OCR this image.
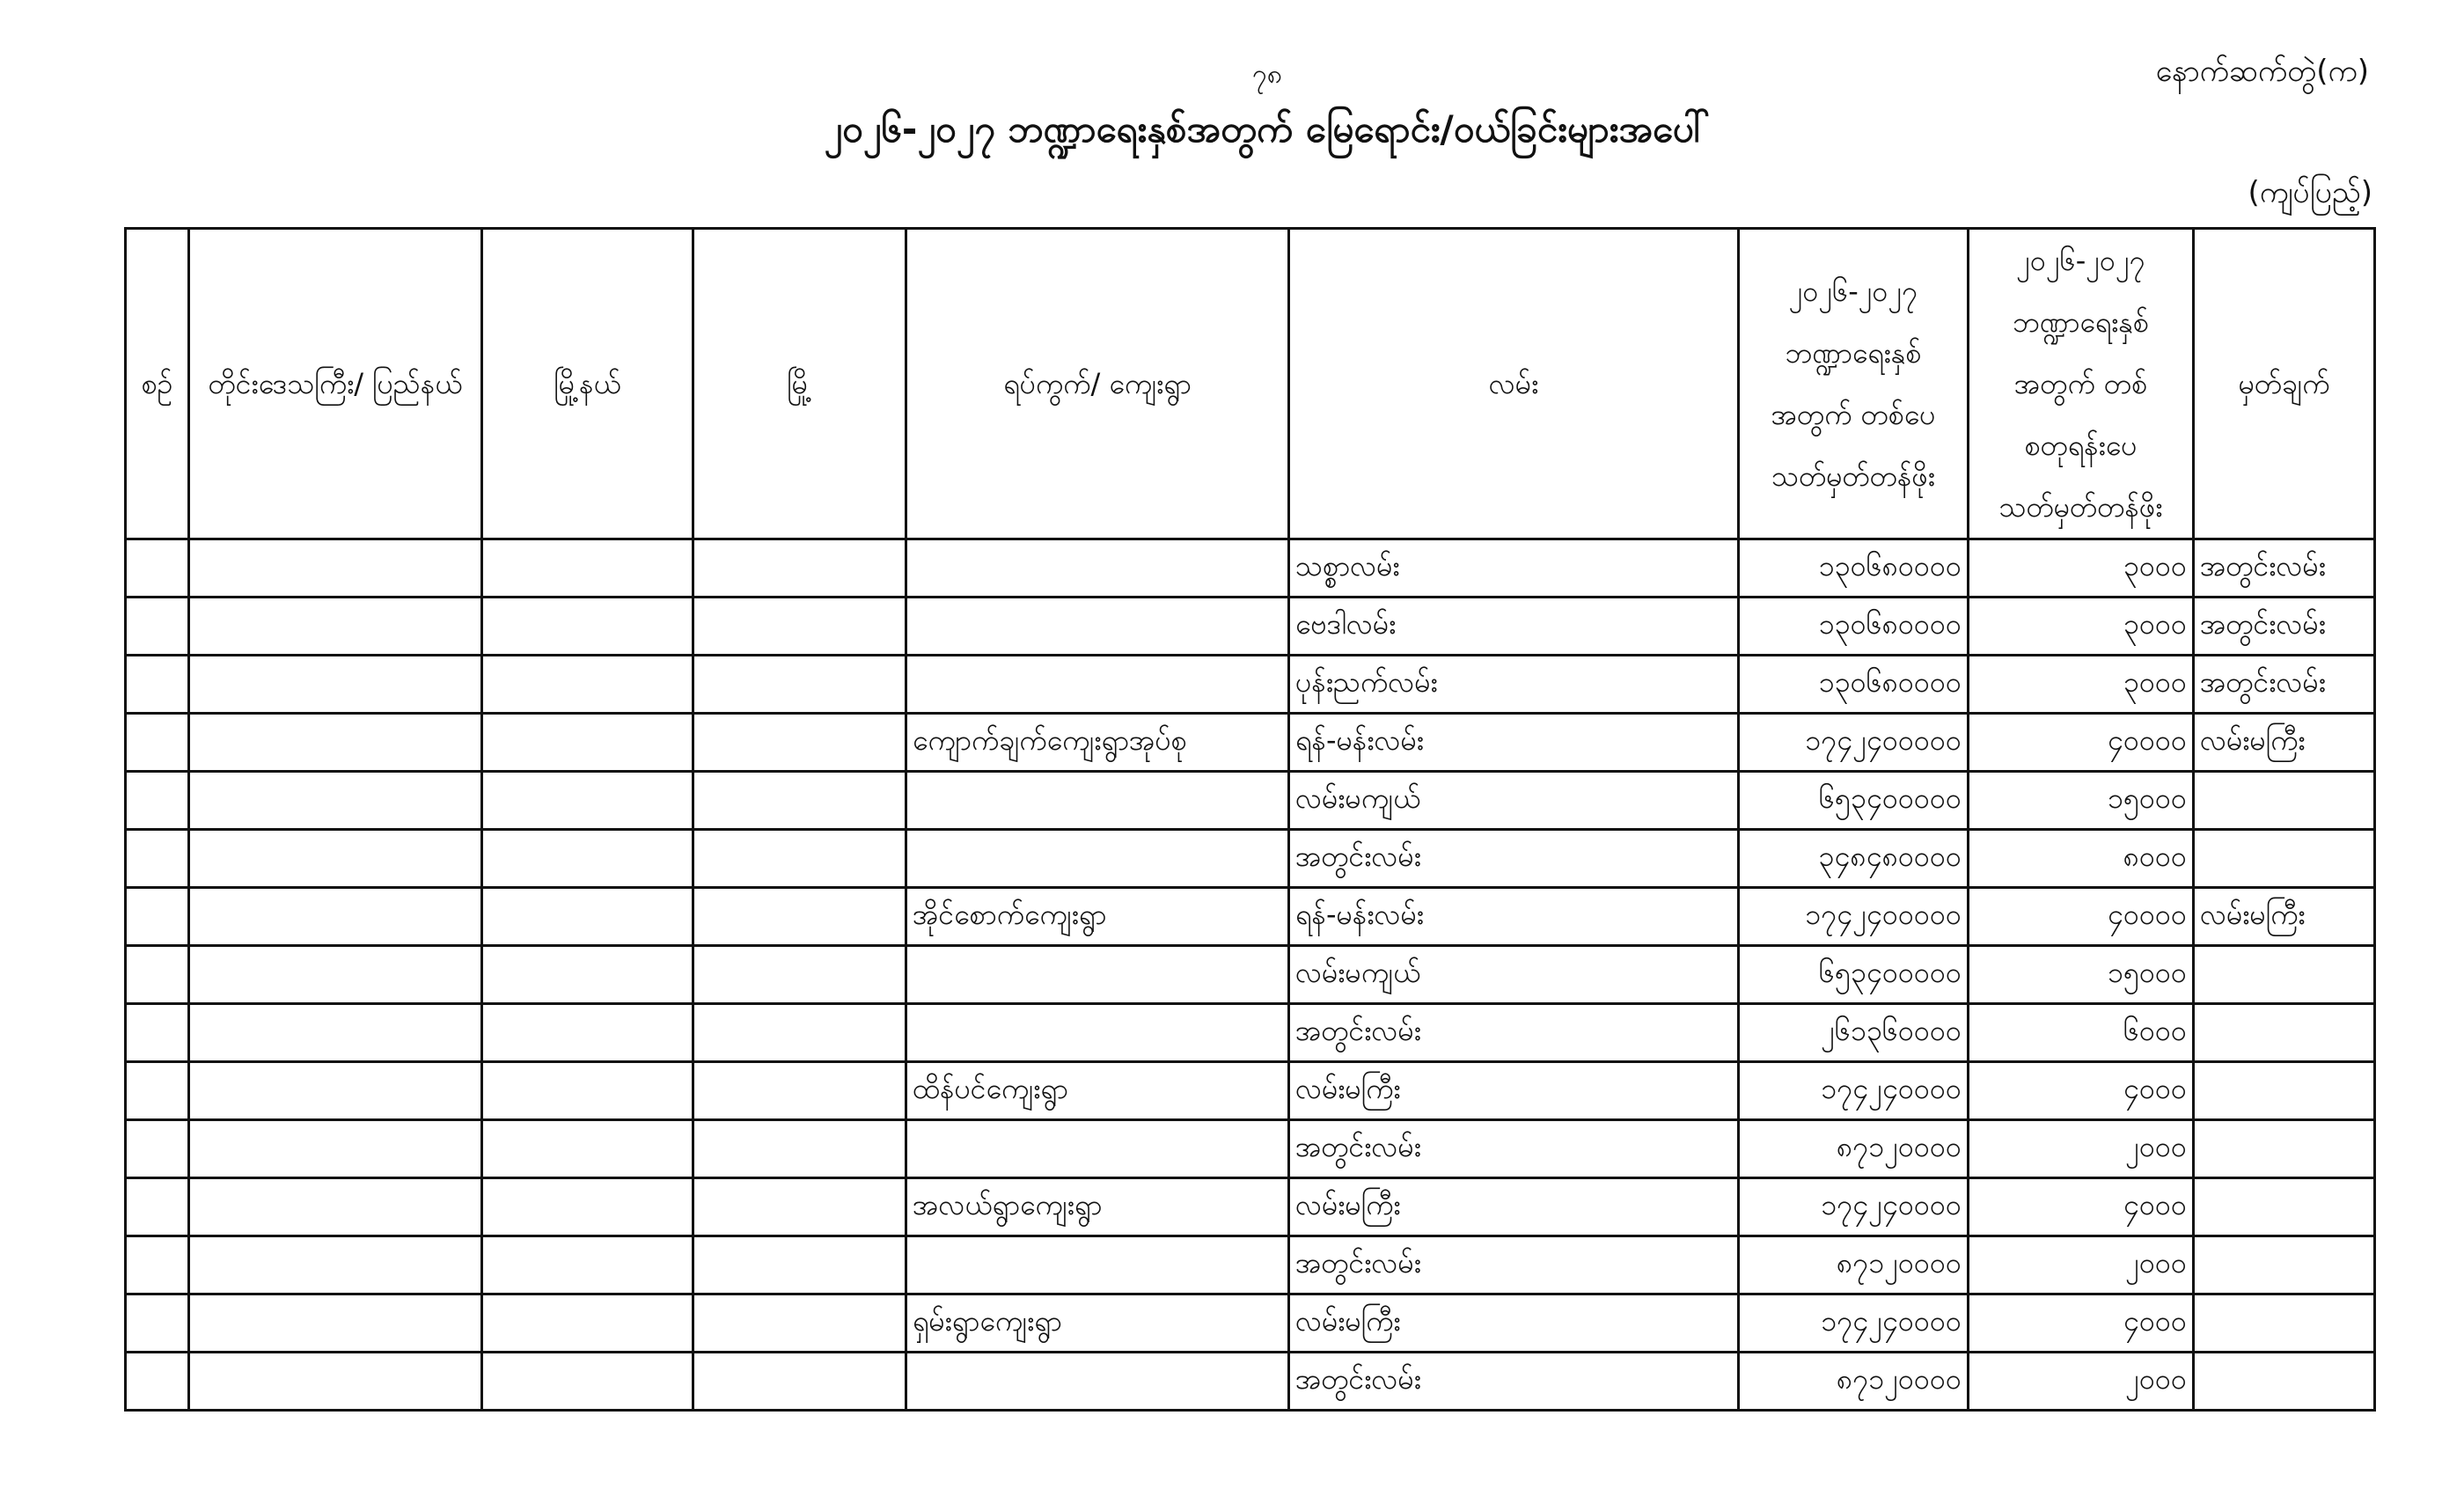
၇၈	နောက်ဆက်တွဲ(က)
၂၀၂၆-၂၀၂၇ ဘဏ္ဍာရေးနှစ်အတွက် မြေရောင်း/ဝယ်ခြင်းများအပေါ်
(ကျပ်ပြည့်)
စဉ်	တိုင်းဒေသကြီး/ ပြည်နယ်	မြို့နယ်	မြို့	ရပ်ကွက်/ ကျေးရွာ	လမ်း	၂၀၂၆-၂၀၂၇ ဘဏ္ဍာရေးနှစ် အတွက် တစ်ပေ သတ်မှတ်တန်ဖိုး	၂၀၂၆-၂၀၂၇ ဘဏ္ဍာရေးနှစ် အတွက် တစ်စတုရန်းပေ သတ်မှတ်တန်ဖိုး	မှတ်ချက်
					သစ္စာလမ်း	၁၃၀၆၈၀၀၀၀	၃၀၀၀	အတွင်းလမ်း
					ဗေဒါလမ်း	၁၃၀၆၈၀၀၀၀	၃၀၀၀	အတွင်းလမ်း
					ပုန်းညက်လမ်း	၁၃၀၆၈၀၀၀၀	၃၀၀၀	အတွင်းလမ်း
				ကျောက်ချက်ကျေးရွာအုပ်စု	ရန်-မန်းလမ်း	၁၇၄၂၄၀၀၀၀၀	၄၀၀၀၀	လမ်းမကြီး
					လမ်းမကျယ်	၆၅၃၄၀၀၀၀၀	၁၅၀၀၀	
					အတွင်းလမ်း	၃၄၈၄၈၀၀၀၀	၈၀၀၀	
				အိုင်စောက်ကျေးရွာ	ရန်-မန်းလမ်း	၁၇၄၂၄၀၀၀၀၀	၄၀၀၀၀	လမ်းမကြီး
					လမ်းမကျယ်	၆၅၃၄၀၀၀၀၀	၁၅၀၀၀	
					အတွင်းလမ်း	၂၆၁၃၆၀၀၀၀	၆၀၀၀	
				ထိန်ပင်ကျေးရွာ	လမ်းမကြီး	၁၇၄၂၄၀၀၀၀	၄၀၀၀	
					အတွင်းလမ်း	၈၇၁၂၀၀၀၀	၂၀၀၀	
				အလယ်ရွာကျေးရွာ	လမ်းမကြီး	၁၇၄၂၄၀၀၀၀	၄၀၀၀	
					အတွင်းလမ်း	၈၇၁၂၀၀၀၀	၂၀၀၀	
				ရှမ်းရွာကျေးရွာ	လမ်းမကြီး	၁၇၄၂၄၀၀၀၀	၄၀၀၀	
					အတွင်းလမ်း	၈၇၁၂၀၀၀၀	၂၀၀၀	
